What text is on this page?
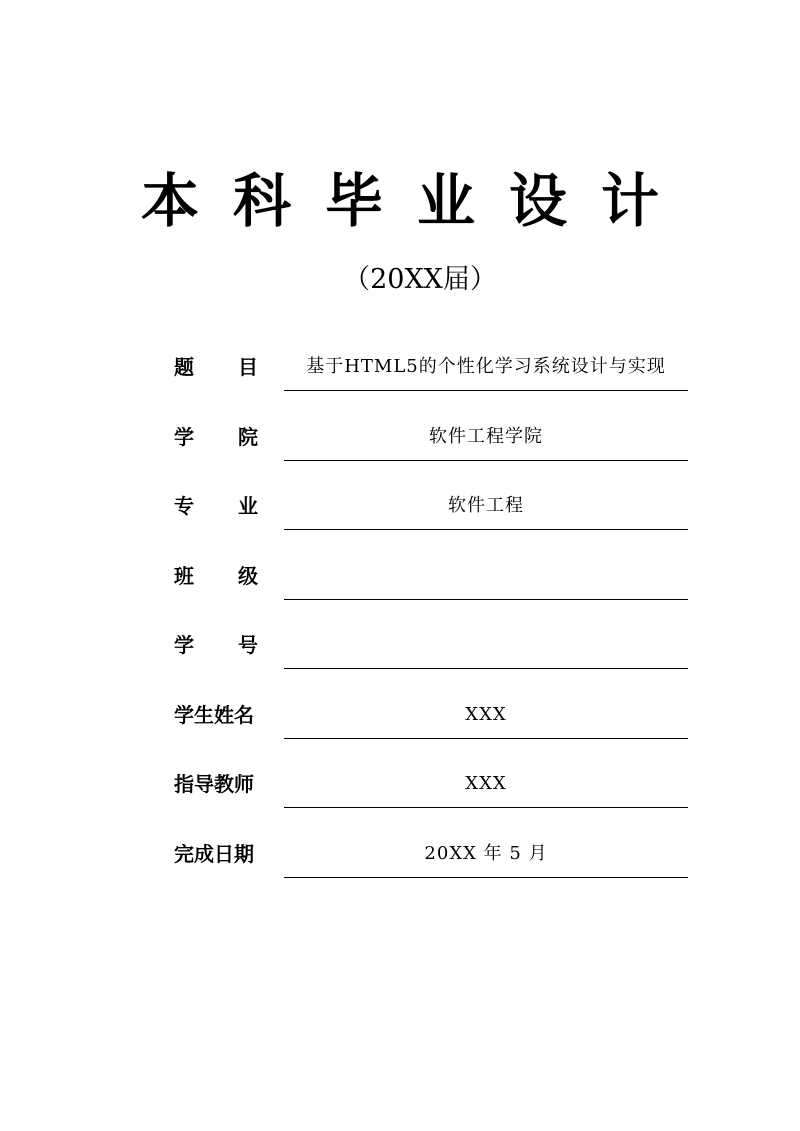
本科毕业设计
（20XX届）
题 目	基于HTML5的个性化学习系统设计与实现
学 院	软件工程学院
专 业	软件工程
班 级
学 号
学生姓名	XXX
指导教师	XXX
完成日期	20XX 年 5 月
